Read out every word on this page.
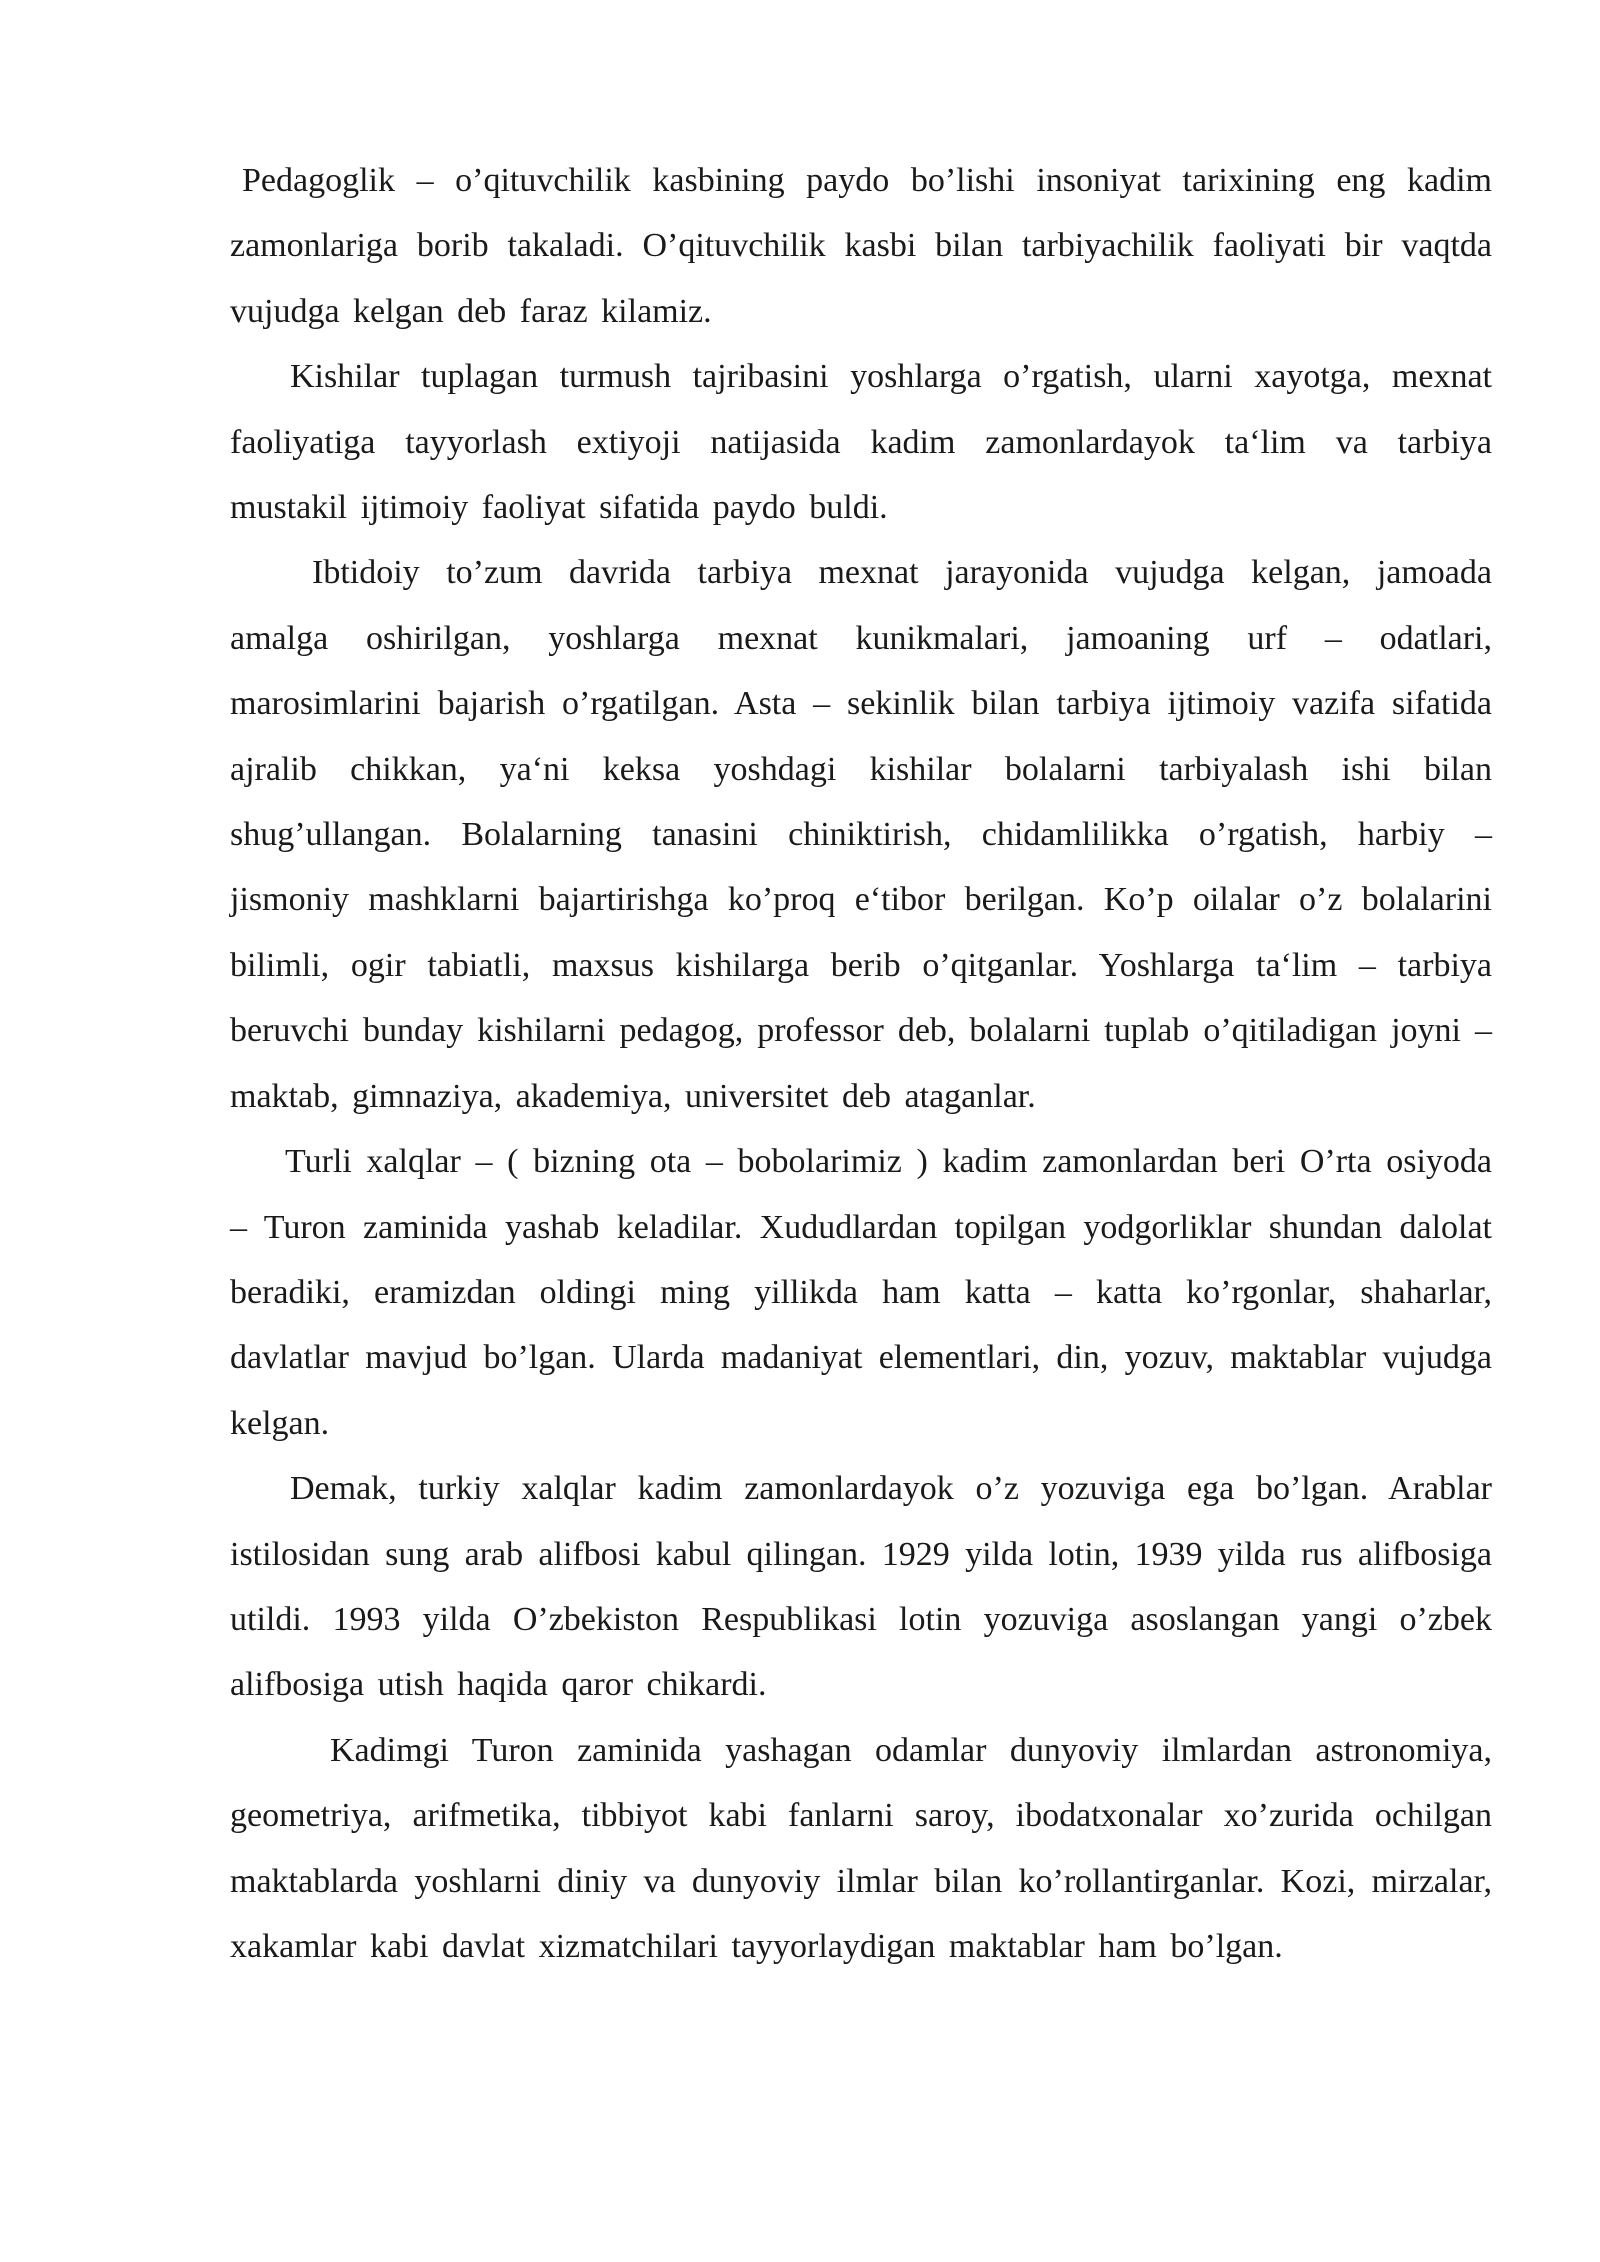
Pedagoglik – o’qituvchilik kasbining paydo bo’lishi insoniyat tarixining eng kadim zamonlariga borib takaladi. O’qituvchilik kasbi bilan tarbiyachilik faoliyati bir vaqtda vujudga kelgan deb faraz kilamiz.

Kishilar tuplagan turmush tajribasini yoshlarga o’rgatish, ularni xayotga, mexnat faoliyatiga tayyorlash extiyoji natijasida kadim zamonlardayok ta‘lim va tarbiya mustakil ijtimoiy faoliyat sifatida paydo buldi.

Ibtidoiy to’zum davrida tarbiya mexnat jarayonida vujudga kelgan, jamoada amalga oshirilgan, yoshlarga mexnat kunikmalari, jamoaning urf – odatlari, marosimlarini bajarish o’rgatilgan. Asta – sekinlik bilan tarbiya ijtimoiy vazifa sifatida ajralib chikkan, ya‘ni keksa yoshdagi kishilar bolalarni tarbiyalash ishi bilan shug’ullangan. Bolalarning tanasini chiniktirish, chidamlilikka o’rgatish, harbiy – jismoniy mashklarni bajartirishga ko’proq e‘tibor berilgan. Ko’p oilalar o’z bolalarini bilimli, ogir tabiatli, maxsus kishilarga berib o’qitganlar. Yoshlarga ta‘lim – tarbiya beruvchi bunday kishilarni pedagog, professor deb, bolalarni tuplab o’qitiladigan joyni – maktab, gimnaziya, akademiya, universitet deb ataganlar.

Turli xalqlar – ( bizning ota – bobolarimiz ) kadim zamonlardan beri O’rta osiyoda – Turon zaminida yashab keladilar. Xududlardan topilgan yodgorliklar shundan dalolat beradiki, eramizdan oldingi ming yillikda ham katta – katta ko’rgonlar, shaharlar, davlatlar mavjud bo’lgan. Ularda madaniyat elementlari, din, yozuv, maktablar vujudga kelgan.

Demak, turkiy xalqlar kadim zamonlardayok o’z yozuviga ega bo’lgan. Arablar istilosidan sung arab alifbosi kabul qilingan. 1929 yilda lotin, 1939 yilda rus alifbosiga utildi. 1993 yilda O’zbekiston Respublikasi lotin yozuviga asoslangan yangi o’zbek alifbosiga utish haqida qaror chikardi.

Kadimgi Turon zaminida yashagan odamlar dunyoviy ilmlardan astronomiya, geometriya, arifmetika, tibbiyot kabi fanlarni saroy, ibodatxonalar xo’zurida ochilgan maktablarda yoshlarni diniy va dunyoviy ilmlar bilan ko’rollantirganlar. Kozi, mirzalar, xakamlar kabi davlat xizmatchilari tayyorlaydigan maktablar ham bo’lgan.
